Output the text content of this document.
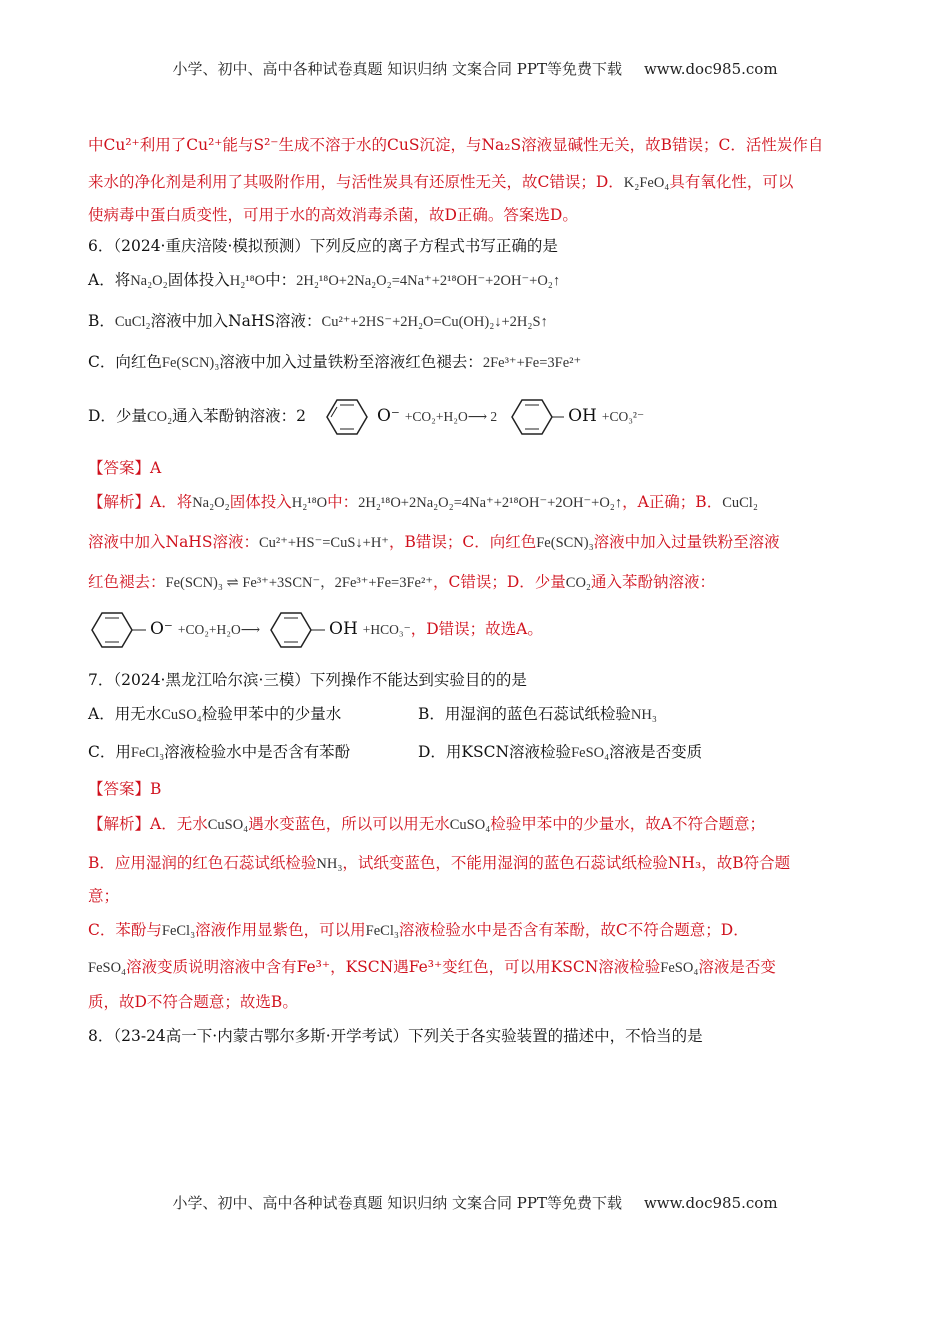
小学、初中、高中各种试卷真题 知识归纳 文案合同 PPT等免费下载 www.doc985.com
中Cu²⁺利用了Cu²⁺能与S²⁻生成不溶于水的CuS沉淀，与Na₂S溶液显碱性无关，故B错误；C．活性炭作自
来水的净化剂是利用了其吸附作用，与活性炭具有还原性无关，故C错误；D．K₂FeO₄具有氧化性，可以
使病毒中蛋白质变性，可用于水的高效消毒杀菌，故D正确。答案选D。
6．（2024·重庆涪陵·模拟预测）下列反应的离子方程式书写正确的是
A．将Na₂O₂固体投入H₂¹⁸O中：2H₂¹⁸O+2Na₂O₂=4Na⁺+2¹⁸OH⁻+2OH⁻+O₂↑
B．CuCl₂溶液中加入NaHS溶液：Cu²⁺+2HS⁻+2H₂O=Cu(OH)₂↓+2H₂S↑
C．向红色Fe(SCN)₃溶液中加入过量铁粉至溶液红色褪去：2Fe³⁺+Fe=3Fe²⁺
D．少量CO₂通入苯酚钠溶液：2	O⁻ +CO₂+H₂O⟶ 2	OH +CO₃²⁻
【答案】A
【解析】A．将Na₂O₂固体投入H₂¹⁸O中：2H₂¹⁸O+2Na₂O₂=4Na⁺+2¹⁸OH⁻+2OH⁻+O₂↑，A正确；B．CuCl₂
溶液中加入NaHS溶液：Cu²⁺+HS⁻=CuS↓+H⁺，B错误；C．向红色Fe(SCN)₃溶液中加入过量铁粉至溶液
红色褪去：Fe(SCN)₃ ⇌ Fe³⁺+3SCN⁻，2Fe³⁺+Fe=3Fe²⁺，C错误；D．少量CO₂通入苯酚钠溶液：
O⁻ +CO₂+H₂O⟶	OH +HCO₃⁻，D错误；故选A。
7．（2024·黑龙江哈尔滨·三模）下列操作不能达到实验目的的是
A．用无水CuSO₄检验甲苯中的少量水	B．用湿润的蓝色石蕊试纸检验NH₃
C．用FeCl₃溶液检验水中是否含有苯酚	D．用KSCN溶液检验FeSO₄溶液是否变质
【答案】B
【解析】A．无水CuSO₄遇水变蓝色，所以可以用无水CuSO₄检验甲苯中的少量水，故A不符合题意；
B．应用湿润的红色石蕊试纸检验NH₃，试纸变蓝色，不能用湿润的蓝色石蕊试纸检验NH₃，故B符合题
意；
C．苯酚与FeCl₃溶液作用显紫色，可以用FeCl₃溶液检验水中是否含有苯酚，故C不符合题意；D．
FeSO₄溶液变质说明溶液中含有Fe³⁺，KSCN遇Fe³⁺变红色，可以用KSCN溶液检验FeSO₄溶液是否变
质，故D不符合题意；故选B。
8．（23-24高一下·内蒙古鄂尔多斯·开学考试）下列关于各实验装置的描述中，不恰当的是
小学、初中、高中各种试卷真题 知识归纳 文案合同 PPT等免费下载 www.doc985.com
